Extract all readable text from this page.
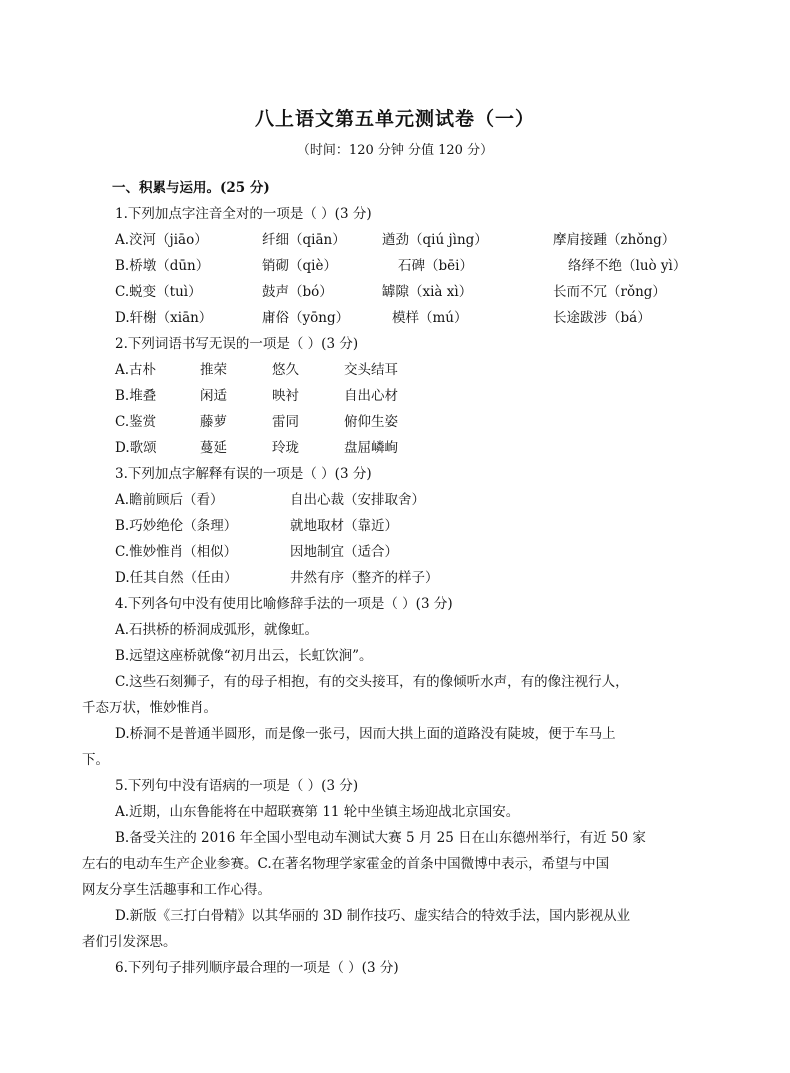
八上语文第五单元测试卷（一）
（时间：120 分钟 分值 120 分）
一、积累与运用。(25 分)
1.下列加点字注音全对的一项是（ ）(3 分)
A.洨河（jiāo）	纤细（qiān）	遒劲（qiú jìng）	摩肩接踵（zhǒng）
B.桥墩（dūn）	销砌（qiè）	石碑（bēi）	络绎不绝（luò yì）
C.蜕变（tuì）	鼓声（bó）	罅隙（xià xì）	长而不冗（rǒng）
D.轩榭（xiān）	庸俗（yōng）	模样（mú）	长途跋涉（bá）
2.下列词语书写无误的一项是（ ）(3 分)
A.古朴	推荣	悠久	交头结耳
B.堆叠	闲适	映衬	自出心材
C.鉴赏	藤萝	雷同	俯仰生姿
D.歌颂	蔓延	玲珑	盘屈嶙峋
3.下列加点字解释有误的一项是（ ）(3 分)
A.瞻前顾后（看）	自出心裁（安排取舍）
B.巧妙绝伦（条理）	就地取材（靠近）
C.惟妙惟肖（相似）	因地制宜（适合）
D.任其自然（任由）	井然有序（整齐的样子）
4.下列各句中没有使用比喻修辞手法的一项是（ ）(3 分)
A.石拱桥的桥洞成弧形，就像虹。
B.远望这座桥就像“初月出云，长虹饮涧”。
C.这些石刻狮子，有的母子相抱，有的交头接耳，有的像倾听水声，有的像注视行人，
千态万状，惟妙惟肖。
D.桥洞不是普通半圆形，而是像一张弓，因而大拱上面的道路没有陡坡，便于车马上
下。
5.下列句中没有语病的一项是（ ）(3 分)
A.近期，山东鲁能将在中超联赛第 11 轮中坐镇主场迎战北京国安。
B.备受关注的 2016 年全国小型电动车测试大赛 5 月 25 日在山东德州举行，有近 50 家
左右的电动车生产企业参赛。C.在著名物理学家霍金的首条中国微博中表示，希望与中国
网友分享生活趣事和工作心得。
D.新版《三打白骨精》以其华丽的 3D 制作技巧、虚实结合的特效手法，国内影视从业
者们引发深思。
6.下列句子排列顺序最合理的一项是（ ）(3 分)
